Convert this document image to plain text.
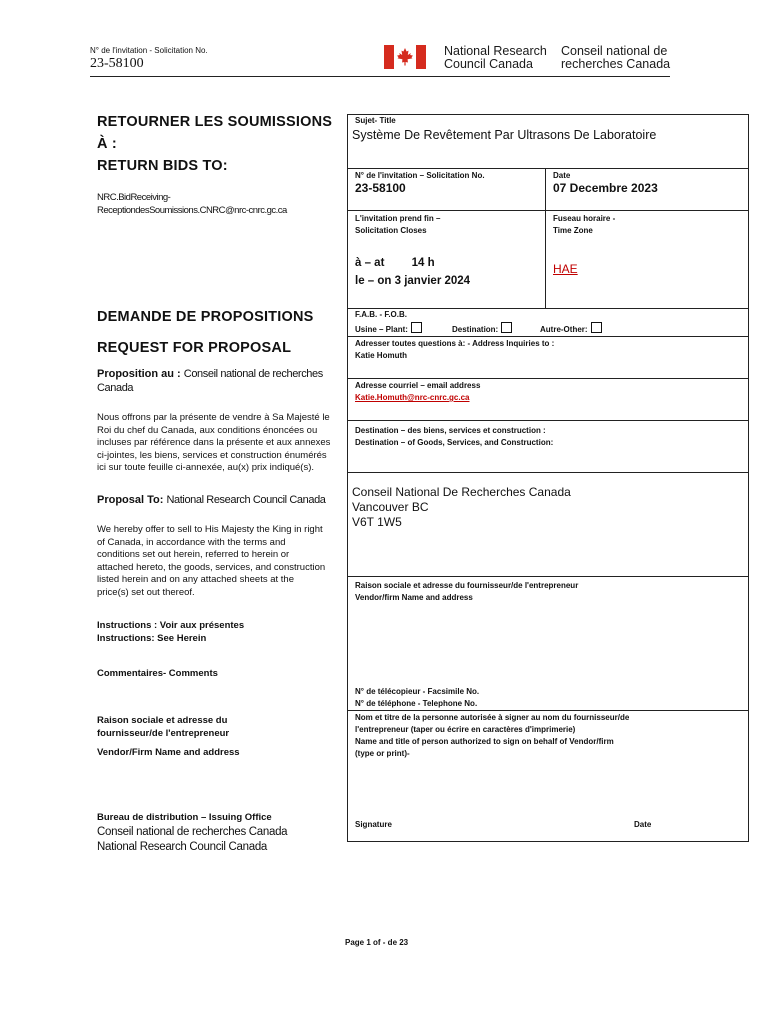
N° de l'invitation - Solicitation No.
23-58100
National Research
Council Canada
Conseil national de
recherches Canada
RETOURNER LES SOUMISSIONS
À :
RETURN BIDS TO:
NRC.BidReceiving-
ReceptiondesSoumissions.CNRC@nrc-cnrc.gc.ca
DEMANDE DE PROPOSITIONS
REQUEST FOR PROPOSAL
Proposition au : Conseil national de recherches
Canada
Nous offrons par la présente de vendre à Sa Majesté le
Roi du chef du Canada, aux conditions énoncées ou
incluses par référence dans la présente et aux annexes
ci-jointes, les biens, services et construction énumérés
ici sur toute feuille ci-annexée, au(x) prix indiqué(s).
Proposal To: National Research Council Canada
We hereby offer to sell to His Majesty the King in right
of Canada, in accordance with the terms and
conditions set out herein, referred to herein or
attached hereto, the goods, services, and construction
listed herein and on any attached sheets at the
price(s) set out thereof.
Instructions : Voir aux présentes
Instructions: See Herein
Commentaires- Comments
Raison sociale et adresse du
fournisseur/de l'entrepreneur
Vendor/Firm Name and address
Bureau de distribution – Issuing Office
Conseil national de recherches Canada
National Research Council Canada
Sujet- Title
Système De Revêtement Par Ultrasons De Laboratoire
N° de l'invitation – Solicitation No.
23-58100
Date
07 Decembre 2023
L'invitation prend fin –
Solicitation Closes
Fuseau horaire -
Time Zone
à – at 14 h
le – on 3 janvier 2024
HAE
F.A.B. - F.O.B.
Usine – Plant:	Destination:	Autre-Other:
Adresser toutes questions à: - Address Inquiries to :
Katie Homuth
Adresse courriel – email address
Katie.Homuth@nrc-cnrc.gc.ca
Destination – des biens, services et construction :
Destination – of Goods, Services, and Construction:
Conseil National De Recherches Canada
Vancouver BC
V6T 1W5
Raison sociale et adresse du fournisseur/de l'entrepreneur
Vendor/firm Name and address
N° de télécopieur - Facsimile No.
N° de téléphone - Telephone No.
Nom et titre de la personne autorisée à signer au nom du fournisseur/de
l'entrepreneur (taper ou écrire en caractères d'imprimerie)
Name and title of person authorized to sign on behalf of Vendor/firm
(type or print)-
Signature	Date
Page 1 of - de 23
